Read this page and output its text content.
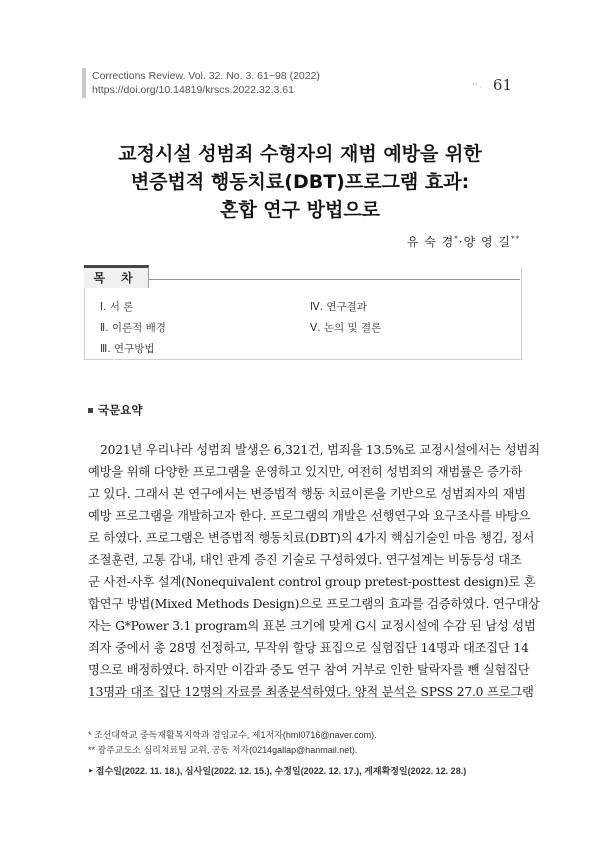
Corrections Review. Vol. 32. No. 3. 61~98 (2022)
https://doi.org/10.14819/krscs.2022.32.3.61	ᄁ · 61
교정시설 성범죄 수형자의 재범 예방을 위한
변증법적 행동치료(DBT)프로그램 효과:
혼합 연구 방법으로
유 숙 경*·양 영 길**
목 차
Ⅰ. 서 론
Ⅱ. 이론적 배경
Ⅲ. 연구방법
Ⅳ. 연구결과
Ⅴ. 논의 및 결론
국문요약
2021년 우리나라 성범죄 발생은 6,321건, 범죄율 13.5%로 교정시설에서는 성범죄
예방을 위해 다양한 프로그램을 운영하고 있지만, 여전히 성범죄의 재범률은 증가하
고 있다. 그래서 본 연구에서는 변증법적 행동 치료이론을 기반으로 성범죄자의 재범
예방 프로그램을 개발하고자 한다. 프로그램의 개발은 선행연구와 요구조사를 바탕으
로 하였다. 프로그램은 변증법적 행동치료(DBT)의 4가지 핵심기술인 마음 챙김, 정서
조절훈련, 고통 감내, 대인 관계 증진 기술로 구성하였다. 연구설계는 비동등성 대조
군 사전-사후 설계(Nonequivalent control group pretest-posttest design)로 혼
합연구 방법(Mixed Methods Design)으로 프로그램의 효과를 검증하였다. 연구대상
자는 G*Power 3.1 program의 표본 크기에 맞게 G시 교정시설에 수감 된 남성 성범
죄자 중에서 총 28명 선정하고, 무작위 할당 표집으로 실험집단 14명과 대조집단 14
명으로 배정하였다. 하지만 이감과 중도 연구 참여 거부로 인한 탈락자를 뺀 실험집단
13명과 대조 집단 12명의 자료를 최종분석하였다. 양적 분석은 SPSS 27.0 프로그램
* 조선대학교 중독재활복지학과 겸임교수, 제1저자(hml0716@naver.com).
** 광주교도소 심리치료팀 교위, 공동 저자(0214gallap@hanmail.net).
‣ 접수일(2022. 11. 18.), 심사일(2022. 12. 15.), 수정일(2022. 12. 17.), 게재확정일(2022. 12. 28.)
